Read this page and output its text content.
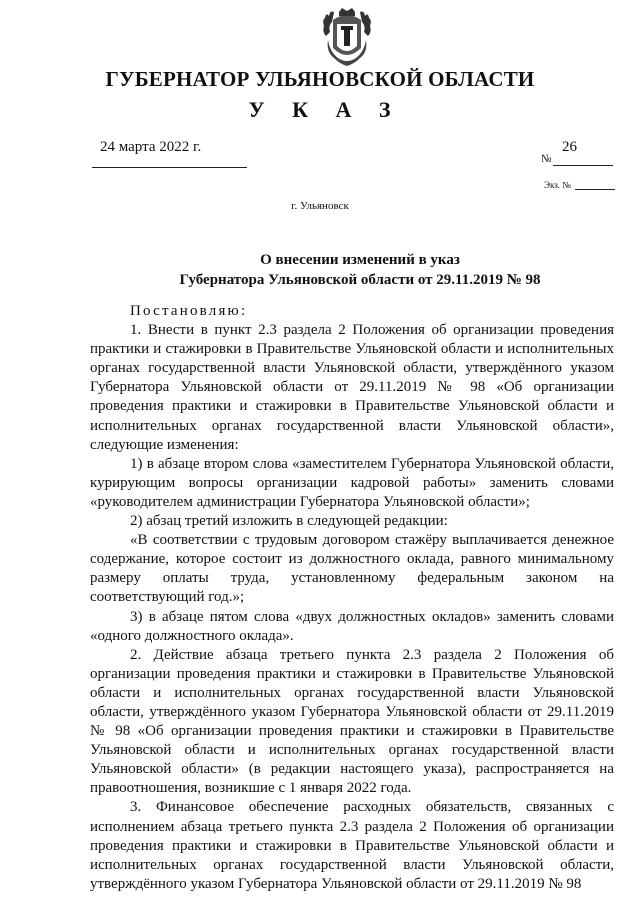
ГУБЕРНАТОР УЛЬЯНОВСКОЙ ОБЛАСТИ
У К А З
24 марта 2022 г.	26
№
Экз. №
г. Ульяновск
О внесении изменений в указ
Губернатора Ульяновской области от 29.11.2019 № 98

Постановляю:

1. Внести в пункт 2.3 раздела 2 Положения об организации проведения практики и стажировки в Правительстве Ульяновской области и исполнительных органах государственной власти Ульяновской области, утверждённого указом Губернатора Ульяновской области от 29.11.2019 № 98 «Об организации проведения практики и стажировки в Правительстве Ульяновской области и исполнительных органах государственной власти Ульяновской области», следующие изменения:

1) в абзаце втором слова «заместителем Губернатора Ульяновской области, курирующим вопросы организации кадровой работы» заменить словами «руководителем администрации Губернатора Ульяновской области»;

2) абзац третий изложить в следующей редакции:

«В соответствии с трудовым договором стажёру выплачивается денежное содержание, которое состоит из должностного оклада, равного минимальному размеру оплаты труда, установленному федеральным законом на соответствующий год.»;

3) в абзаце пятом слова «двух должностных окладов» заменить словами «одного должностного оклада».

2. Действие абзаца третьего пункта 2.3 раздела 2 Положения об организации проведения практики и стажировки в Правительстве Ульяновской области и исполнительных органах государственной власти Ульяновской области, утверждённого указом Губернатора Ульяновской области от 29.11.2019 № 98 «Об организации проведения практики и стажировки в Правительстве Ульяновской области и исполнительных органах государственной власти Ульяновской области» (в редакции настоящего указа), распространяется на правоотношения, возникшие с 1 января 2022 года.

3. Финансовое обеспечение расходных обязательств, связанных с исполнением абзаца третьего пункта 2.3 раздела 2 Положения об организации проведения практики и стажировки в Правительстве Ульяновской области и исполнительных органах государственной власти Ульяновской области, утверждённого указом Губернатора Ульяновской области от 29.11.2019 № 98
